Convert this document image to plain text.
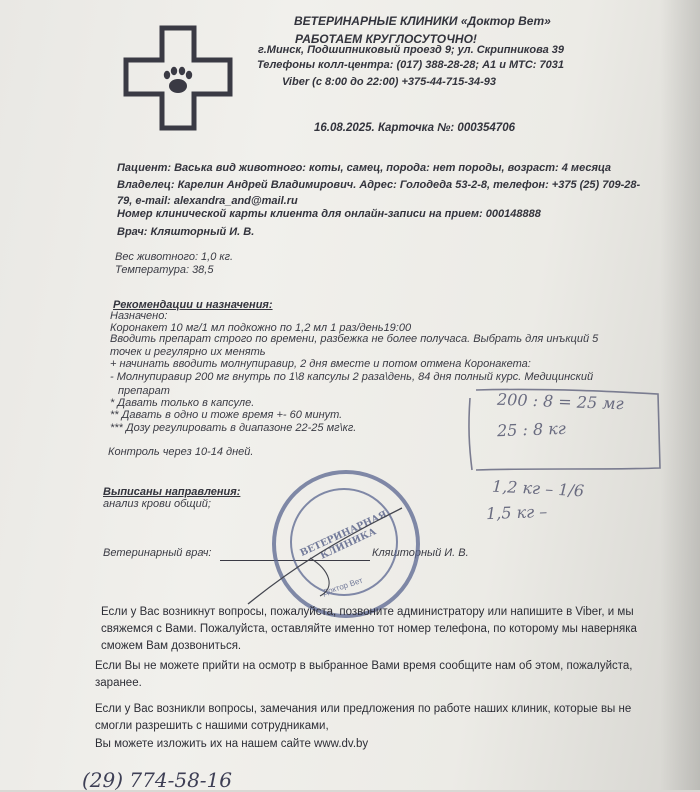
ВЕТЕРИНАРНЫЕ КЛИНИКИ «Доктор Вет»
РАБОТАЕМ КРУГЛОСУТОЧНО!
г.Минск, Подшипниковый проезд 9; ул. Скрипникова 39
Телефоны колл-центра: (017) 388-28-28; А1 и МТС: 7031
Viber (с 8:00 до 22:00) +375-44-715-34-93
16.08.2025. Карточка №: 000354706
Пациент: Васька вид животного: коты, самец, порода: нет породы, возраст: 4 месяца
Владелец: Карелин Андрей Владимирович. Адрес: Голодеда 53-2-8, телефон: +375 (25) 709-28-
79, e-mail: alexandra_and@mail.ru
Номер клинической карты клиента для онлайн-записи на прием: 000148888
Врач: Кляшторный И. В.
Вес животного: 1,0 кг.
Температура: 38,5
Рекомендации и назначения:
Назначено:
Коронакет 10 мг/1 мл подкожно по 1,2 мл 1 раз/день19:00
Вводить препарат строго по времени, разбежка не более получаса. Выбрать для инъкций 5
точек и регулярно их менять
+ начинать вводить молнупиравир, 2 дня вместе и потом отмена Коронакета:
- Молнупиравир 200 мг внутрь по 1\8 капсулы 2 раза\день, 84 дня полный курс. Медицинский
препарат
* Давать только в капсуле.
** Давать в одно и тоже время +- 60 минут.
*** Дозу регулировать в диапазоне 22-25 мг\кг.
Контроль через 10-14 дней.
Выписаны направления:
анализ крови общий;
Ветеринарный врач:	Кляшторный И. В.
200 : 8 = 25 мг
25 : 8 кг
1,2 кг – 1/6
1,5 кг –
ВЕТЕРИНАРНАЯ КЛИНИКА
Доктор Вет
Если у Вас возникнут вопросы, пожалуйста, позвоните администратору или напишите в Viber, и мы свяжемся с Вами. Пожалуйста, оставляйте именно тот номер телефона, по которому мы наверняка сможем Вам дозвониться.
Если Вы не можете прийти на осмотр в выбранное Вами время сообщите нам об этом, пожалуйста, заранее.
Если у Вас возникли вопросы, замечания или предложения по работе наших клиник, которые вы не смогли разрешить с нашими сотрудниками,
Вы можете изложить их на нашем сайте www.dv.by
(29) 774-58-16
